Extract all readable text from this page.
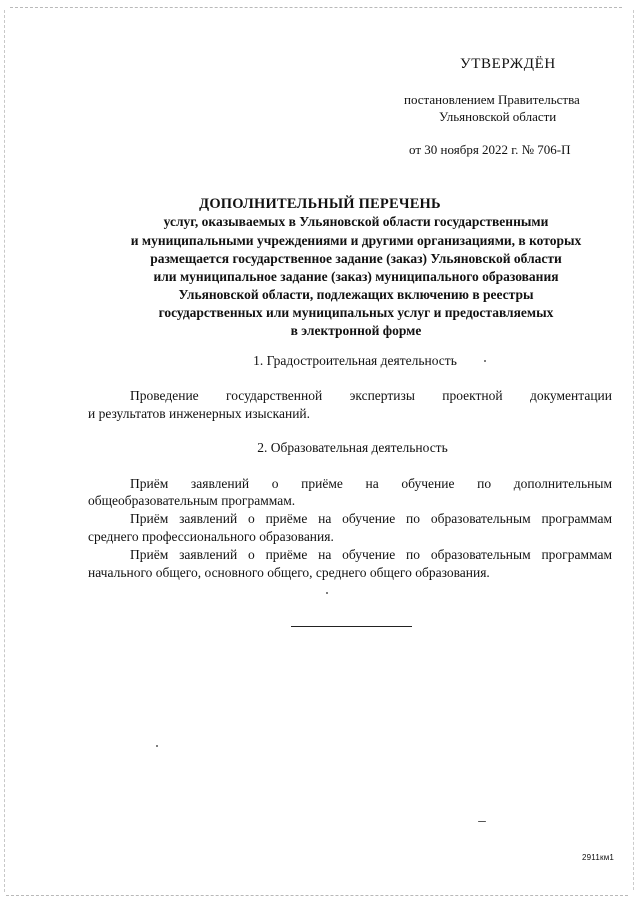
УТВЕРЖДЁН
постановлением Правительства
Ульяновской области
от 30 ноября 2022 г. № 706-П
ДОПОЛНИТЕЛЬНЫЙ ПЕРЕЧЕНЬ
услуг, оказываемых в Ульяновской области государственными
и муниципальными учреждениями и другими организациями, в которых
размещается государственное задание (заказ) Ульяновской области
или муниципальное задание (заказ) муниципального образования
Ульяновской области, подлежащих включению в реестры
государственных или муниципальных услуг и предоставляемых
в электронной форме
1. Градостроительная деятельность
Проведение государственной экспертизы проектной документации
и результатов инженерных изысканий.
2. Образовательная деятельность
Приём заявлений о приёме на обучение по дополнительным
общеобразовательным программам.
Приём заявлений о приёме на обучение по образовательным программам
среднего профессионального образования.
Приём заявлений о приёме на обучение по образовательным программам
начального общего, основного общего, среднего общего образования.
2911км1
